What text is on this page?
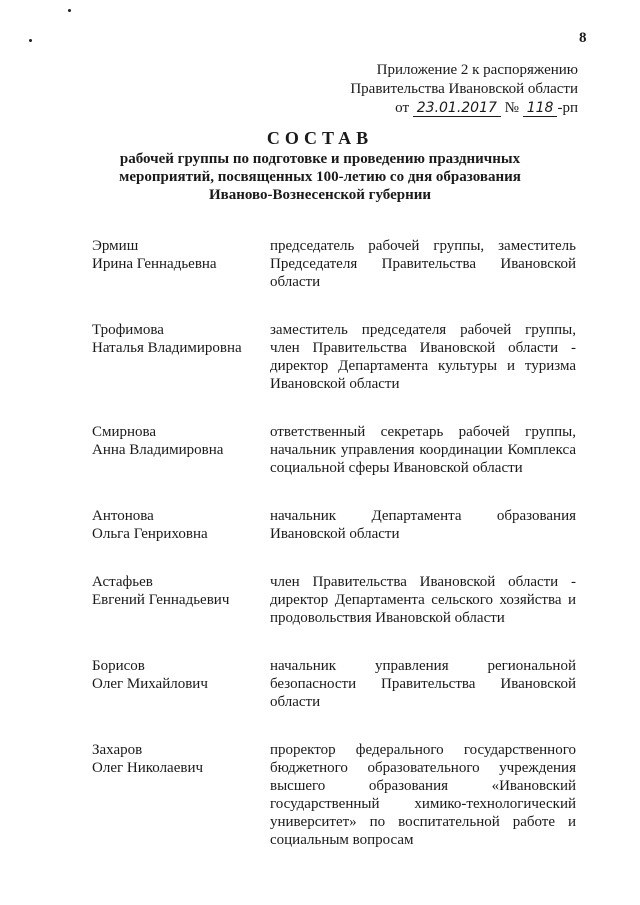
8
Приложение 2 к распоряжению
Правительства Ивановской области
от 23.01.2017 № 118 -рп
СОСТАВ
рабочей группы по подготовке и проведению праздничных мероприятий, посвященных 100-летию со дня образования Иваново-Вознесенской губернии
Эрмиш
Ирина Геннадьевна
председатель рабочей группы, заместитель Председателя Правительства Ивановской области
Трофимова
Наталья Владимировна
заместитель председателя рабочей группы, член Правительства Ивановской области - директор Департамента культуры и туризма Ивановской области
Смирнова
Анна Владимировна
ответственный секретарь рабочей группы, начальник управления координации Комплекса социальной сферы Ивановской области
Антонова
Ольга Генриховна
начальник Департамента образования Ивановской области
Астафьев
Евгений Геннадьевич
член Правительства Ивановской области - директор Департамента сельского хозяйства и продовольствия Ивановской области
Борисов
Олег Михайлович
начальник управления региональной безопасности Правительства Ивановской области
Захаров
Олег Николаевич
проректор федерального государственного бюджетного образовательного учреждения высшего образования «Ивановский государственный химико-технологический университет» по воспитательной работе и социальным вопросам
